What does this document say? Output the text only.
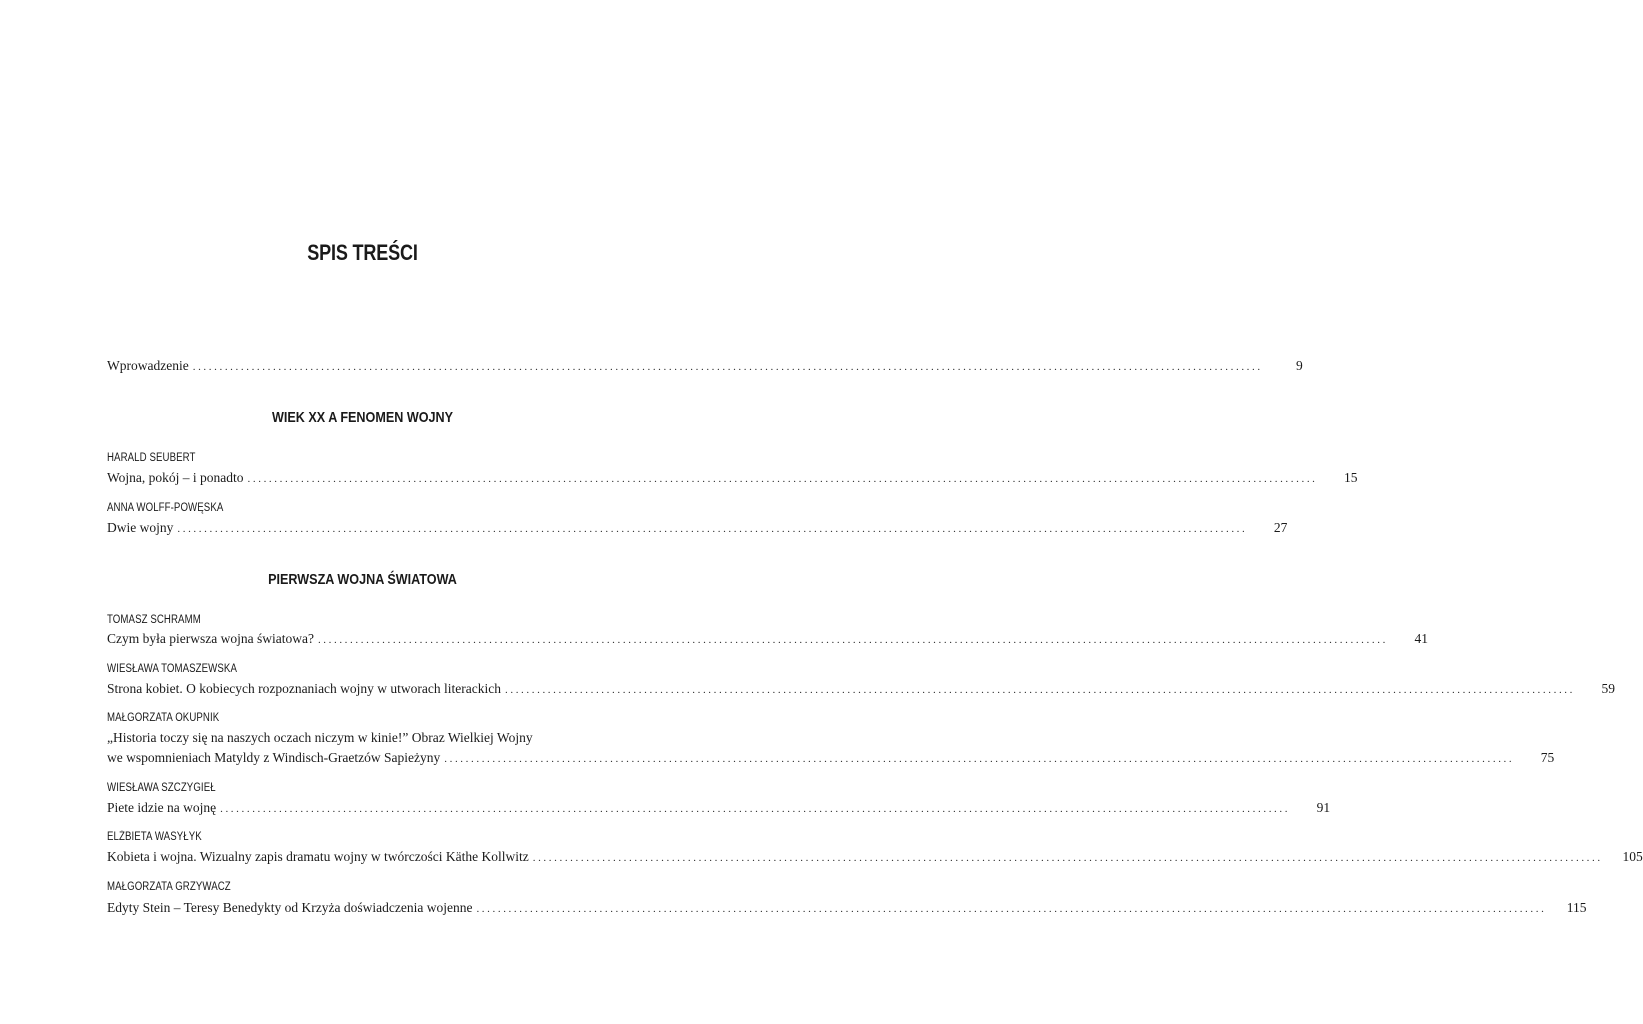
SPIS TREŚCI
Wprowadzenie ........................................................................................................................................................................................................	9
WIEK XX A FENOMEN WOJNY
HARALD SEUBERT
Wojna, pokój – i ponadto ........................................................................................................................................................................................................	15
ANNA WOLFF-POWĘSKA
Dwie wojny ........................................................................................................................................................................................................	27
PIERWSZA WOJNA ŚWIATOWA
TOMASZ SCHRAMM
Czym była pierwsza wojna światowa? ........................................................................................................................................................................................................	41
WIESŁAWA TOMASZEWSKA
Strona kobiet. O kobiecych rozpoznaniach wojny w utworach literackich ........................................................................................................................................................................................................	59
MAŁGORZATA OKUPNIK
„Historia toczy się na naszych oczach niczym w kinie!” Obraz Wielkiej Wojny
we wspomnieniach Matyldy z Windisch-Graetzów Sapieżyny ........................................................................................................................................................................................................	75
WIESŁAWA SZCZYGIEŁ
Piete idzie na wojnę ........................................................................................................................................................................................................	91
ELŻBIETA WASYŁYK
Kobieta i wojna. Wizualny zapis dramatu wojny w twórczości Käthe Kollwitz ........................................................................................................................................................................................................	105
MAŁGORZATA GRZYWACZ
Edyty Stein – Teresy Benedykty od Krzyża doświadczenia wojenne ........................................................................................................................................................................................................	115
